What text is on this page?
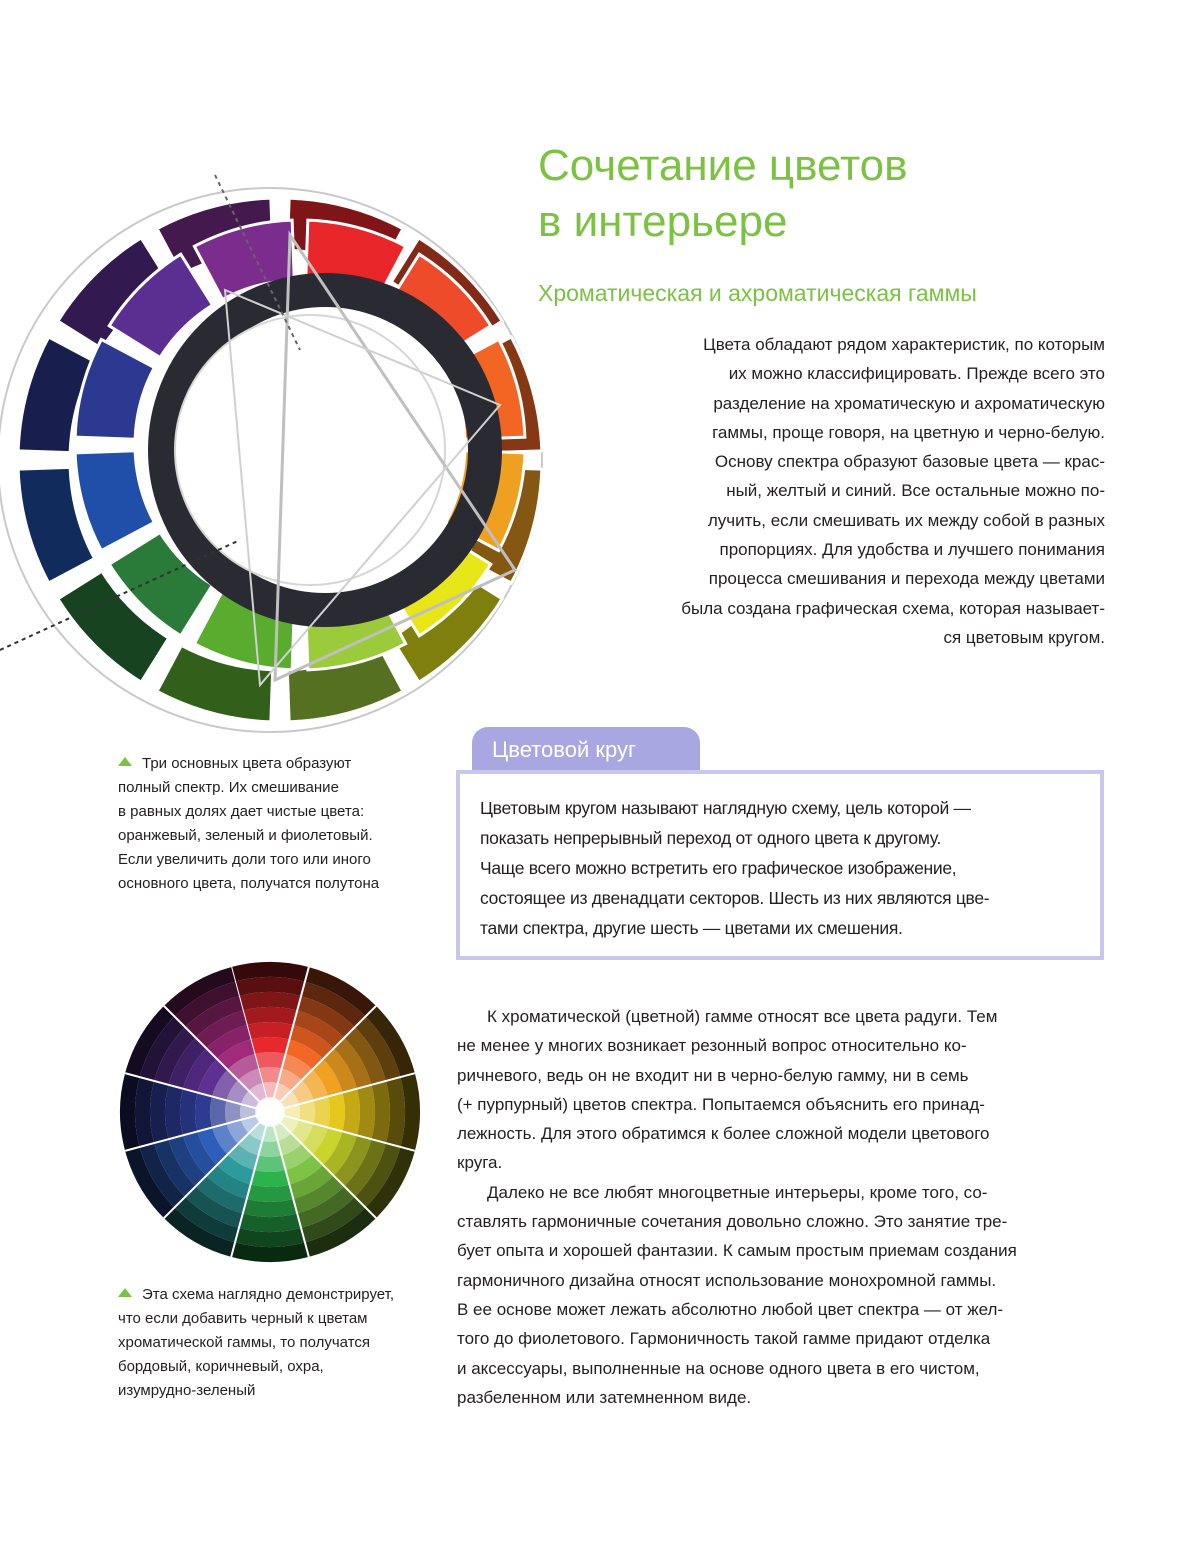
Сочетание цветов
в интерьере
Хроматическая и ахроматическая гаммы
Цвета обладают рядом характеристик, по которым
их можно классифицировать. Прежде всего это
разделение на хроматическую и ахроматическую
гаммы, проще говоря, на цветную и черно-белую.
Основу спектра образуют базовые цвета — крас-
ный, желтый и синий. Все остальные можно по-
лучить, если смешивать их между собой в разных
пропорциях. Для удобства и лучшего понимания
процесса смешивания и перехода между цветами
была создана графическая схема, которая называет-
ся цветовым кругом.
Три основных цвета образуют
полный спектр. Их смешивание
в равных долях дает чистые цвета:
оранжевый, зеленый и фиолетовый.
Если увеличить доли того или иного
основного цвета, получатся полутона
Цветовой круг
Цветовым кругом называют наглядную схему, цель которой —
показать непрерывный переход от одного цвета к другому.
Чаще всего можно встретить его графическое изображение,
состоящее из двенадцати секторов. Шесть из них являются цве-
тами спектра, другие шесть — цветами их смешения.
К хроматической (цветной) гамме относят все цвета радуги. Тем
не менее у многих возникает резонный вопрос относительно ко-
ричневого, ведь он не входит ни в черно-белую гамму, ни в семь
(+ пурпурный) цветов спектра. Попытаемся объяснить его принад-
лежность. Для этого обратимся к более сложной модели цветового
круга.
Далеко не все любят многоцветные интерьеры, кроме того, со-
ставлять гармоничные сочетания довольно сложно. Это занятие тре-
бует опыта и хорошей фантазии. К самым простым приемам создания
гармоничного дизайна относят использование монохромной гаммы.
В ее основе может лежать абсолютно любой цвет спектра — от жел-
того до фиолетового. Гармоничность такой гамме придают отделка
и аксессуары, выполненные на основе одного цвета в его чистом,
разбеленном или затемненном виде.
Эта схема наглядно демонстрирует,
что если добавить черный к цветам
хроматической гаммы, то получатся
бордовый, коричневый, охра,
изумрудно-зеленый
